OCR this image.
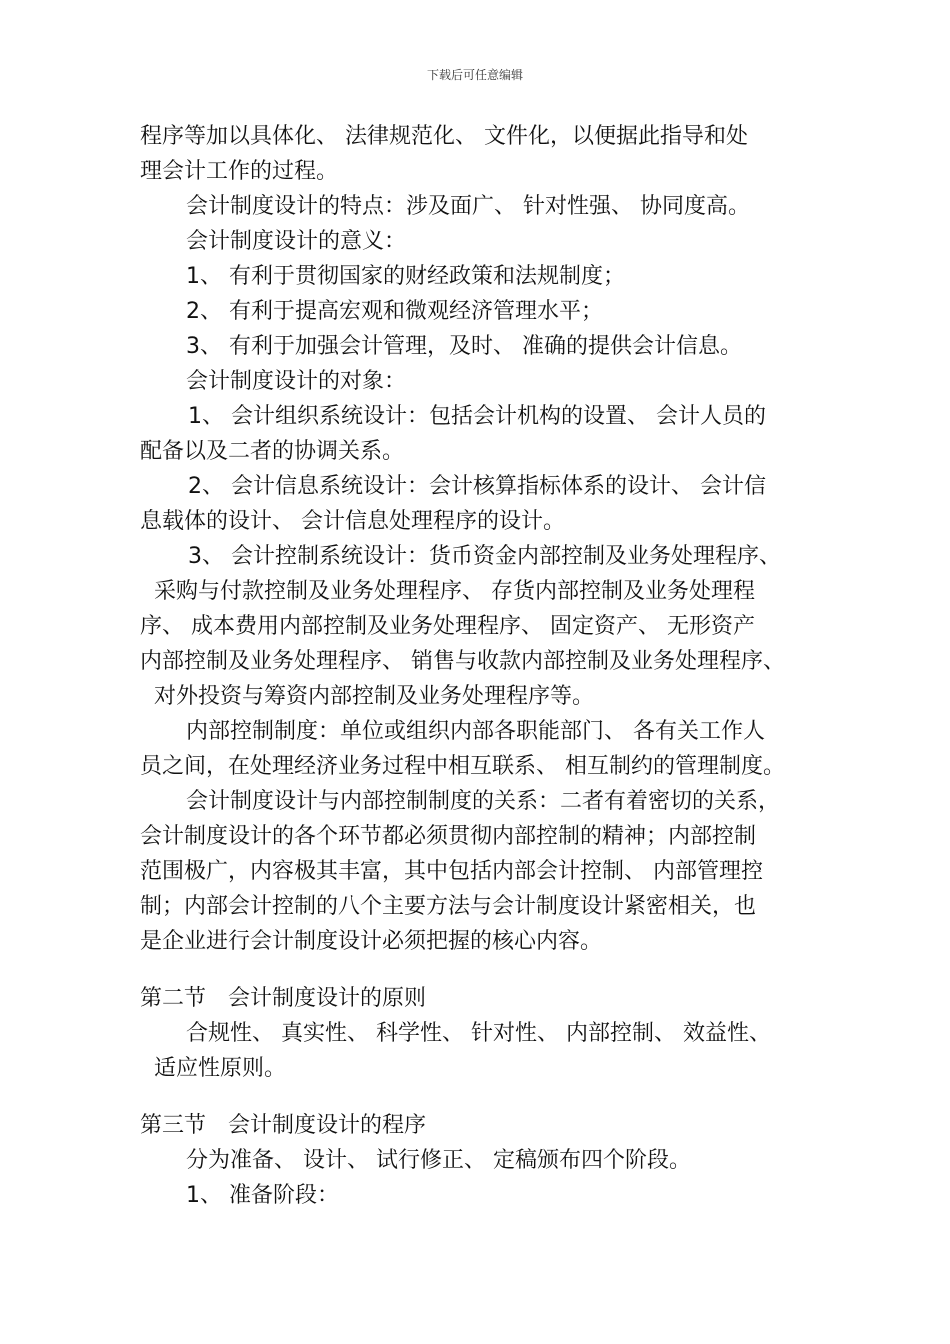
下载后可任意编辑
程序等加以具体化、 法律规范化、 文件化，以便据此指导和处
理会计工作的过程。
会计制度设计的特点：涉及面广、 针对性强、 协同度高。
会计制度设计的意义：
1、 有利于贯彻国家的财经政策和法规制度；
2、 有利于提高宏观和微观经济管理水平；
3、 有利于加强会计管理，及时、 准确的提供会计信息。
会计制度设计的对象：
1、 会计组织系统设计：包括会计机构的设置、 会计人员的
配备以及二者的协调关系。
2、 会计信息系统设计：会计核算指标体系的设计、 会计信
息载体的设计、 会计信息处理程序的设计。
3、 会计控制系统设计：货币资金内部控制及业务处理程序、
采购与付款控制及业务处理程序、 存货内部控制及业务处理程
序、 成本费用内部控制及业务处理程序、 固定资产、 无形资产
内部控制及业务处理程序、 销售与收款内部控制及业务处理程序、
对外投资与筹资内部控制及业务处理程序等。
内部控制制度：单位或组织内部各职能部门、 各有关工作人
员之间，在处理经济业务过程中相互联系、 相互制约的管理制度。
会计制度设计与内部控制制度的关系：二者有着密切的关系，
会计制度设计的各个环节都必须贯彻内部控制的精神；内部控制
范围极广，内容极其丰富，其中包括内部会计控制、 内部管理控
制；内部会计控制的八个主要方法与会计制度设计紧密相关，也
是企业进行会计制度设计必须把握的核心内容。
第二节　会计制度设计的原则
合规性、 真实性、 科学性、 针对性、 内部控制、 效益性、
适应性原则。
第三节　会计制度设计的程序
分为准备、 设计、 试行修正、 定稿颁布四个阶段。
1、 准备阶段：
